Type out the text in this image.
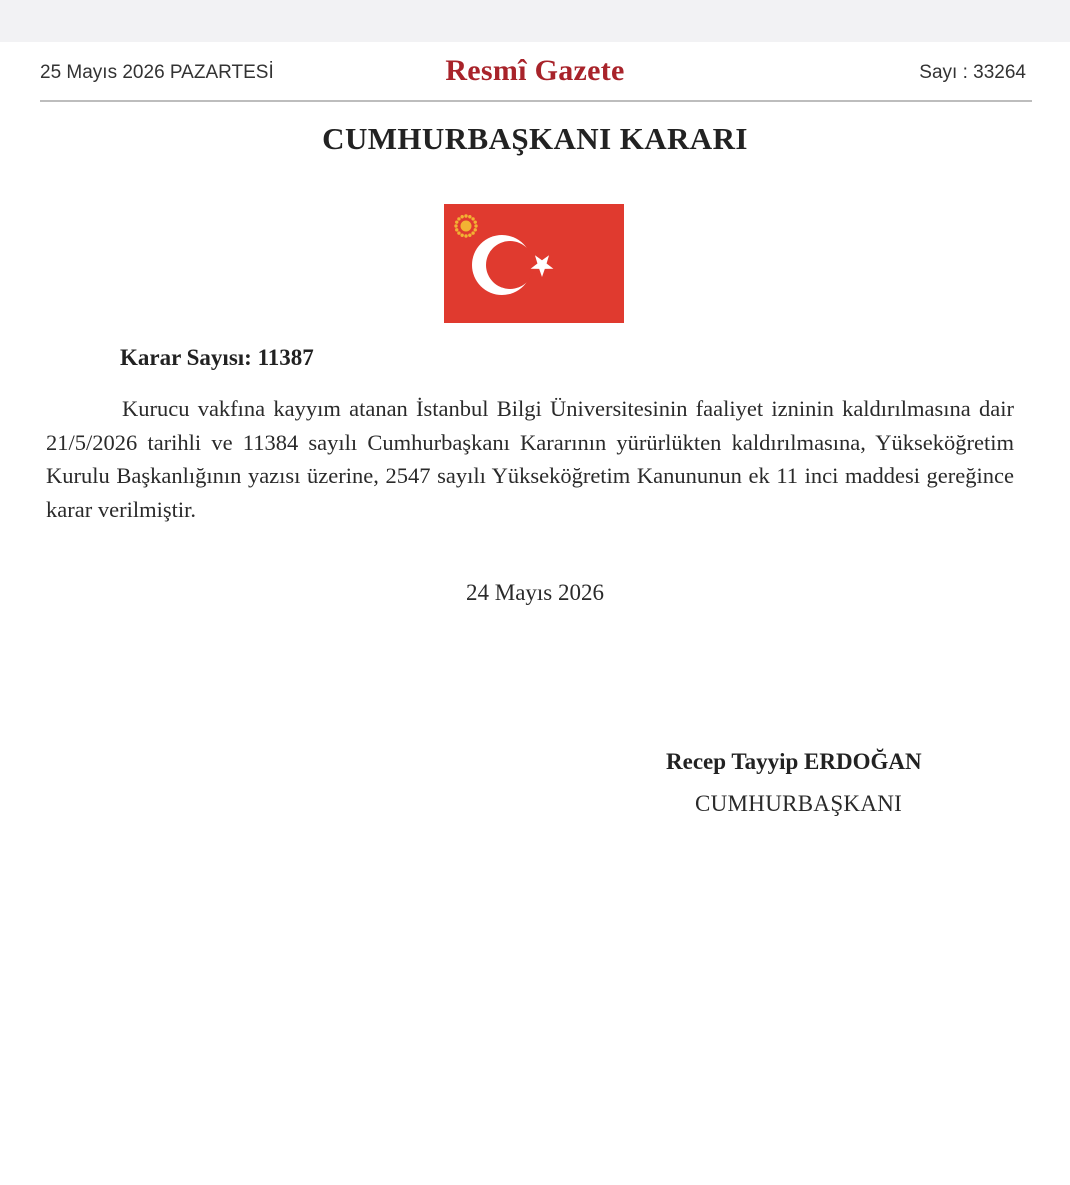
25 Mayıs 2026 PAZARTESİ	Resmî Gazete	Sayı : 33264
CUMHURBAŞKANI KARARI
Karar Sayısı: 11387

Kurucu vakfına kayyım atanan İstanbul Bilgi Üniversitesinin faaliyet izninin kaldırılmasına dair 21/5/2026 tarihli ve 11384 sayılı Cumhurbaşkanı Kararının yürürlükten kaldırılmasına, Yükseköğretim Kurulu Başkanlığının yazısı üzerine, 2547 sayılı Yükseköğretim Kanununun ek 11 inci maddesi gereğince karar verilmiştir.

24 Mayıs 2026
Recep Tayyip ERDOĞAN
CUMHURBAŞKANI
